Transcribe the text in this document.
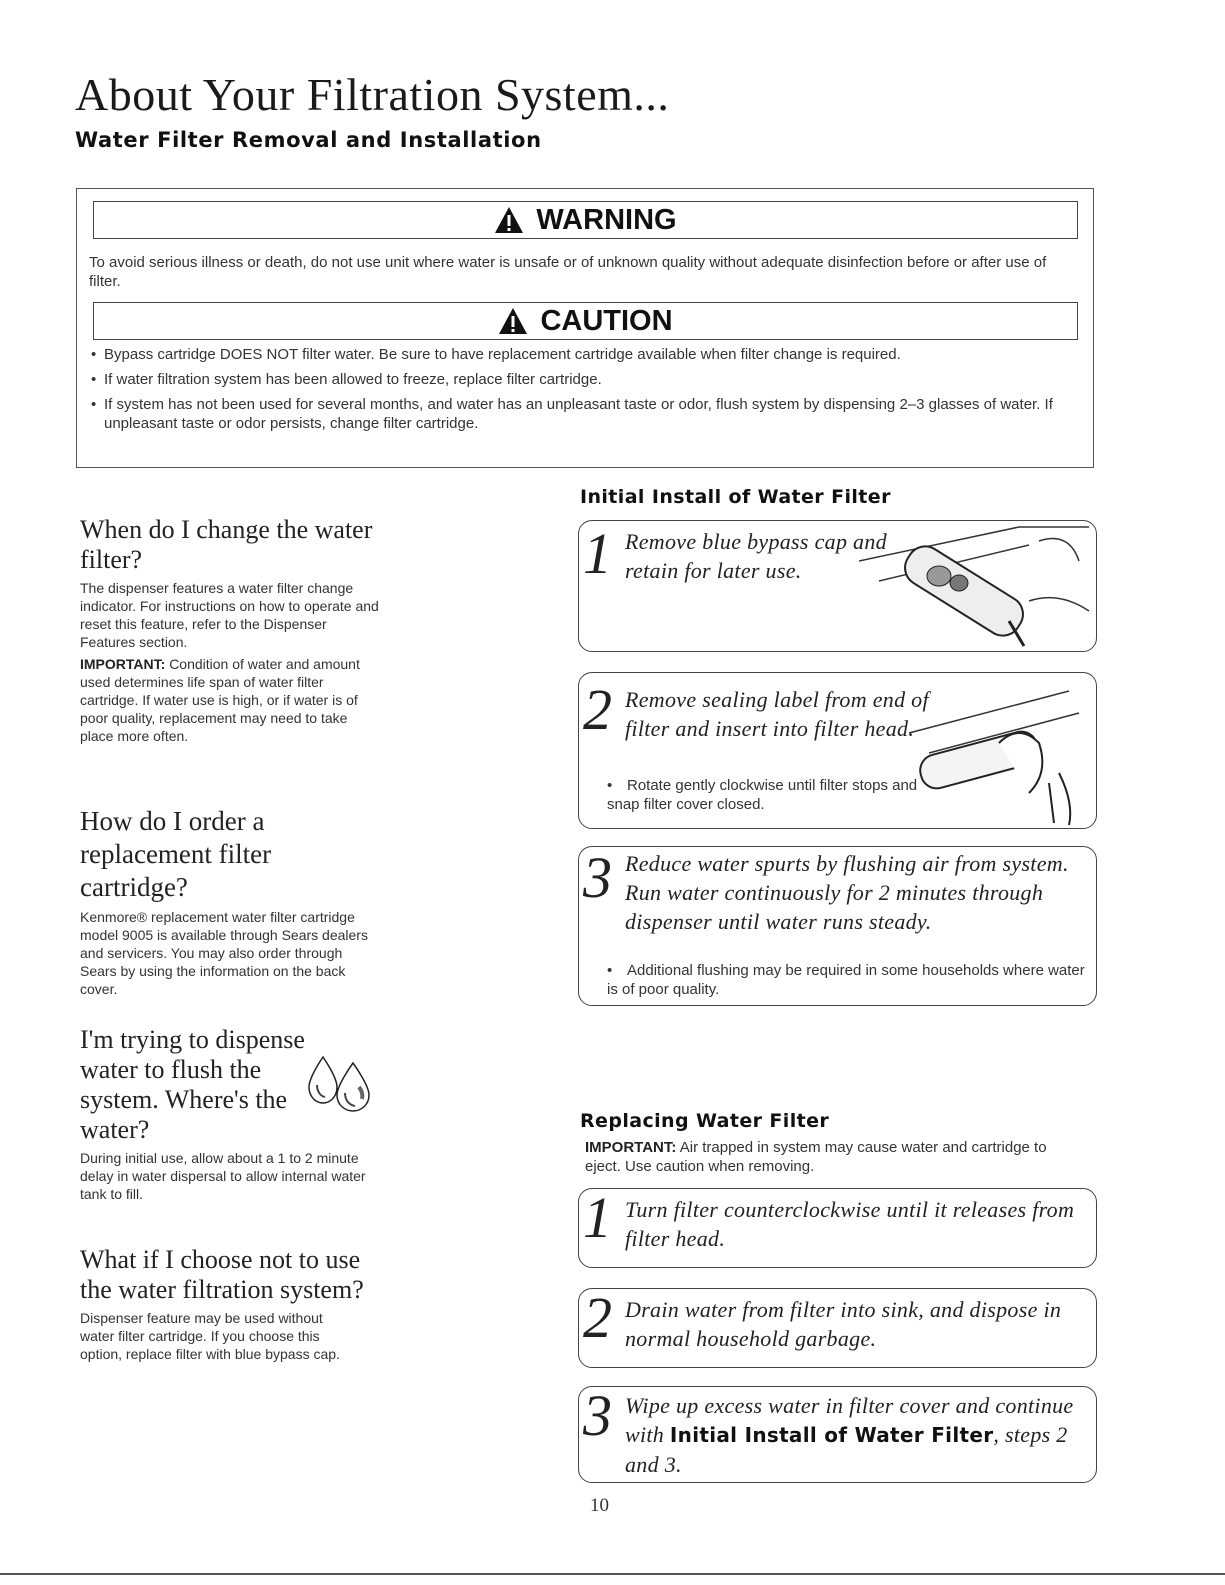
About Your Filtration System...
Water Filter Removal and Installation
WARNING
To avoid serious illness or death, do not use unit where water is unsafe or of unknown quality without adequate disinfection before or after use of filter.
CAUTION
• Bypass cartridge DOES NOT filter water. Be sure to have replacement cartridge available when filter change is required.
• If water filtration system has been allowed to freeze, replace filter cartridge.
• If system has not been used for several months, and water has an unpleasant taste or odor, flush system by dispensing 2–3 glasses of water. If unpleasant taste or odor persists, change filter cartridge.

When do I change the water filter?

The dispenser features a water filter change indicator. For instructions on how to operate and reset this feature, refer to the Dispenser Features section.

IMPORTANT: Condition of water and amount used determines life span of water filter cartridge. If water use is high, or if water is of poor quality, replacement may need to take place more often.

How do I order a replacement filter cartridge?

Kenmore® replacement water filter cartridge model 9005 is available through Sears dealers and servicers. You may also order through Sears by using the information on the back cover.

I'm trying to dispense water to flush the system. Where's the water?

During initial use, allow about a 1 to 2 minute delay in water dispersal to allow internal water tank to fill.

What if I choose not to use the water filtration system?

Dispenser feature may be used without water filter cartridge. If you choose this option, replace filter with blue bypass cap.

Initial Install of Water Filter
1 Remove blue bypass cap and retain for later use.
2 Remove sealing label from end of filter and insert into filter head.
• Rotate gently clockwise until filter stops and snap filter cover closed.
3 Reduce water spurts by flushing air from system. Run water continuously for 2 minutes through dispenser until water runs steady.
• Additional flushing may be required in some households where water is of poor quality.
Replacing Water Filter
IMPORTANT: Air trapped in system may cause water and cartridge to eject. Use caution when removing.
1 Turn filter counterclockwise until it releases from filter head.
2 Drain water from filter into sink, and dispose in normal household garbage.
3 Wipe up excess water in filter cover and continue with Initial Install of Water Filter, steps 2 and 3.
10
